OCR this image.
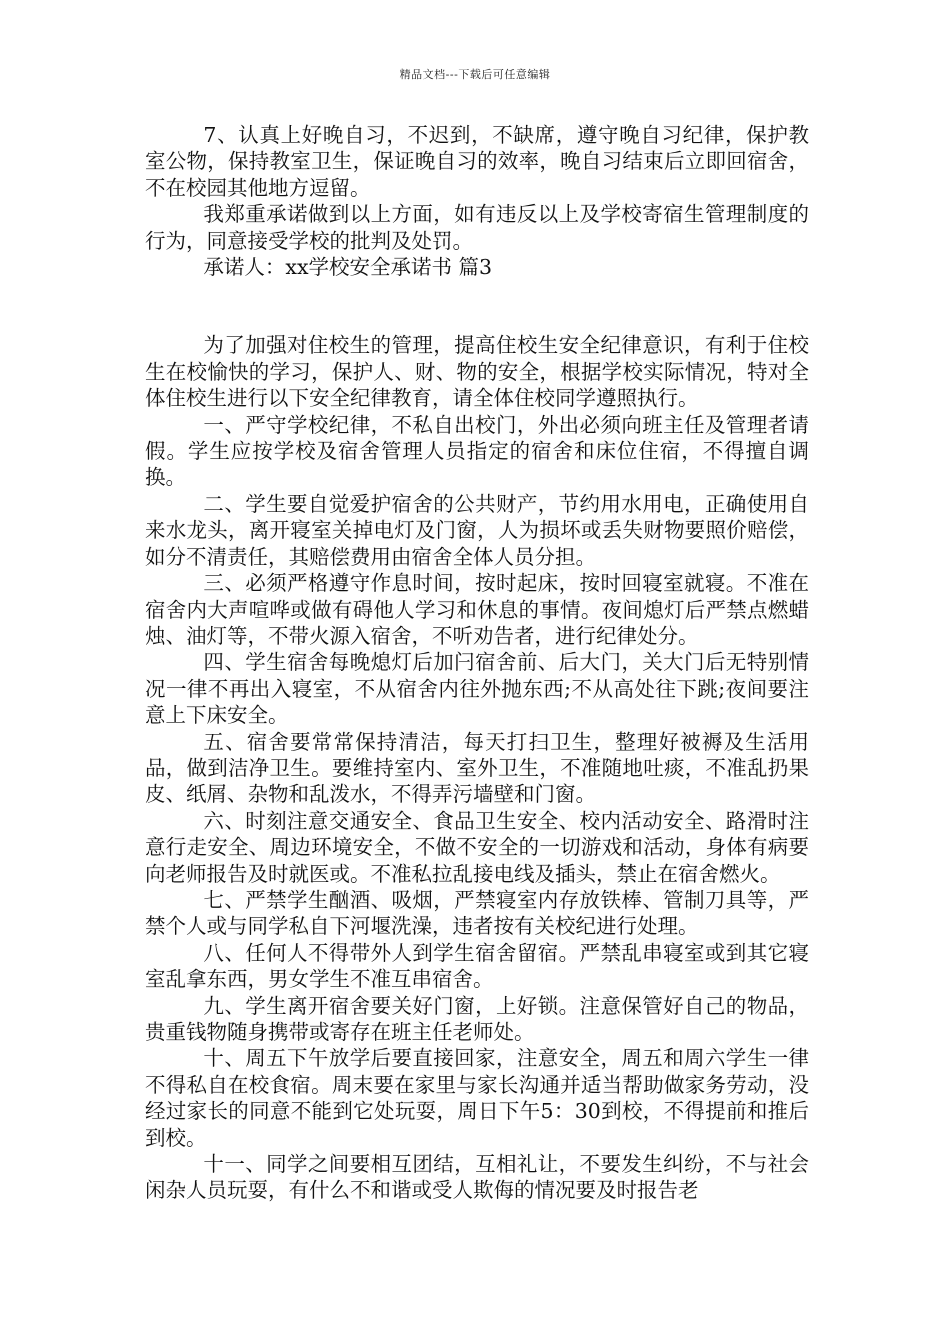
精品文档---下载后可任意编辑

7、认真上好晚自习，不迟到，不缺席，遵守晚自习纪律，保护教室公物，保持教室卫生，保证晚自习的效率，晚自习结束后立即回宿舍，不在校园其他地方逗留。

我郑重承诺做到以上方面，如有违反以上及学校寄宿生管理制度的行为，同意接受学校的批判及处罚。

承诺人：xx学校安全承诺书 篇3

为了加强对住校生的管理，提高住校生安全纪律意识，有利于住校生在校愉快的学习，保护人、财、物的安全，根据学校实际情况，特对全体住校生进行以下安全纪律教育，请全体住校同学遵照执行。

一、严守学校纪律，不私自出校门，外出必须向班主任及管理者请假。学生应按学校及宿舍管理人员指定的宿舍和床位住宿，不得擅自调换。

二、学生要自觉爱护宿舍的公共财产，节约用水用电，正确使用自来水龙头，离开寝室关掉电灯及门窗，人为损坏或丢失财物要照价赔偿，如分不清责任，其赔偿费用由宿舍全体人员分担。

三、必须严格遵守作息时间，按时起床，按时回寝室就寝。不准在宿舍内大声喧哗或做有碍他人学习和休息的事情。夜间熄灯后严禁点燃蜡烛、油灯等，不带火源入宿舍，不听劝告者，进行纪律处分。

四、学生宿舍每晚熄灯后加闩宿舍前、后大门，关大门后无特别情况一律不再出入寝室，不从宿舍内往外抛东西;不从高处往下跳;夜间要注意上下床安全。

五、宿舍要常常保持清洁，每天打扫卫生，整理好被褥及生活用品，做到洁净卫生。要维持室内、室外卫生，不准随地吐痰，不准乱扔果皮、纸屑、杂物和乱泼水，不得弄污墙壁和门窗。

六、时刻注意交通安全、食品卫生安全、校内活动安全、路滑时注意行走安全、周边环境安全，不做不安全的一切游戏和活动，身体有病要向老师报告及时就医或。不准私拉乱接电线及插头，禁止在宿舍燃火。

七、严禁学生酗酒、吸烟，严禁寝室内存放铁棒、管制刀具等，严禁个人或与同学私自下河堰洗澡，违者按有关校纪进行处理。

八、任何人不得带外人到学生宿舍留宿。严禁乱串寝室或到其它寝室乱拿东西，男女学生不准互串宿舍。

九、学生离开宿舍要关好门窗，上好锁。注意保管好自己的物品，贵重钱物随身携带或寄存在班主任老师处。

十、周五下午放学后要直接回家，注意安全，周五和周六学生一律不得私自在校食宿。周末要在家里与家长沟通并适当帮助做家务劳动，没经过家长的同意不能到它处玩耍，周日下午5：30到校，不得提前和推后到校。

十一、同学之间要相互团结，互相礼让，不要发生纠纷，不与社会闲杂人员玩耍，有什么不和谐或受人欺侮的情况要及时报告老
